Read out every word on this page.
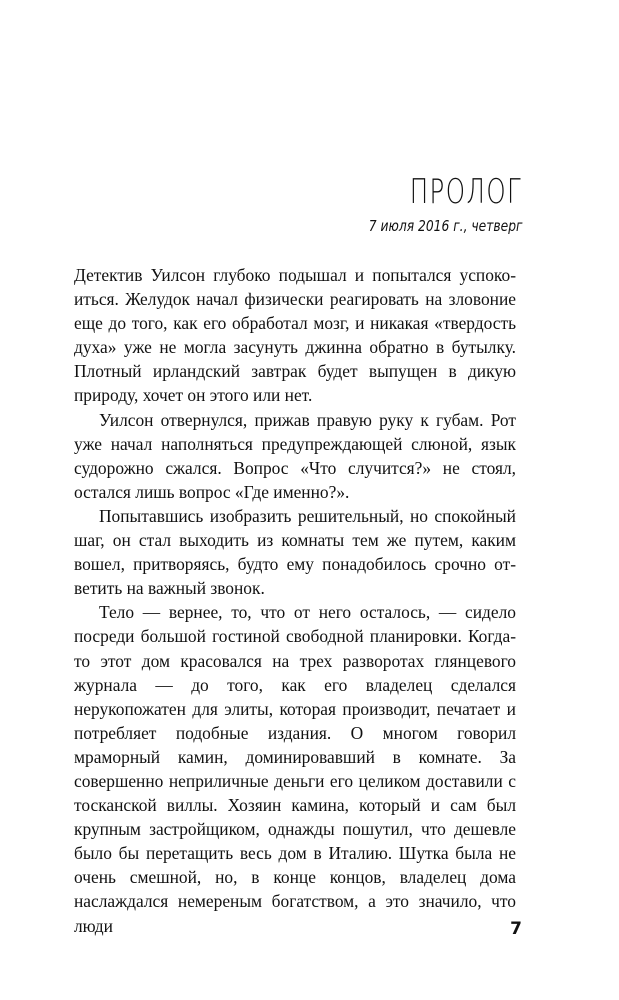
ПРОЛОГ
7 июля 2016 г., четверг

Детектив Уилсон глубоко подышал и попытался успокоиться. Желудок начал физически реагировать на зловоние еще до того, как его обработал мозг, и никакая «твердость духа» уже не могла засунуть джинна обратно в бутылку. Плотный ирландский завтрак будет выпущен в дикую природу, хочет он этого или нет.

Уилсон отвернулся, прижав правую руку к губам. Рот уже начал наполняться предупреждающей слюной, язык судорожно сжался. Вопрос «Что случится?» не стоял, остался лишь вопрос «Где именно?».

Попытавшись изобразить решительный, но спокойный шаг, он стал выходить из комнаты тем же путем, каким вошел, притворяясь, будто ему понадобилось срочно ответить на важный звонок.

Тело — вернее, то, что от него осталось, — сидело посреди большой гостиной свободной планировки. Когда-то этот дом красовался на трех разворотах глянцевого журнала — до того, как его владелец сделался нерукопожатен для элиты, которая производит, печатает и потребляет подобные издания. О многом говорил мраморный камин, доминировавший в комнате. За совершенно неприличные деньги его целиком доставили с тосканской виллы. Хозяин камина, который и сам был крупным застройщиком, однажды пошутил, что дешевле было бы перетащить весь дом в Италию. Шутка была не очень смешной, но, в конце концов, владелец дома наслаждался немереным богатством, а это значило, что люди	7
